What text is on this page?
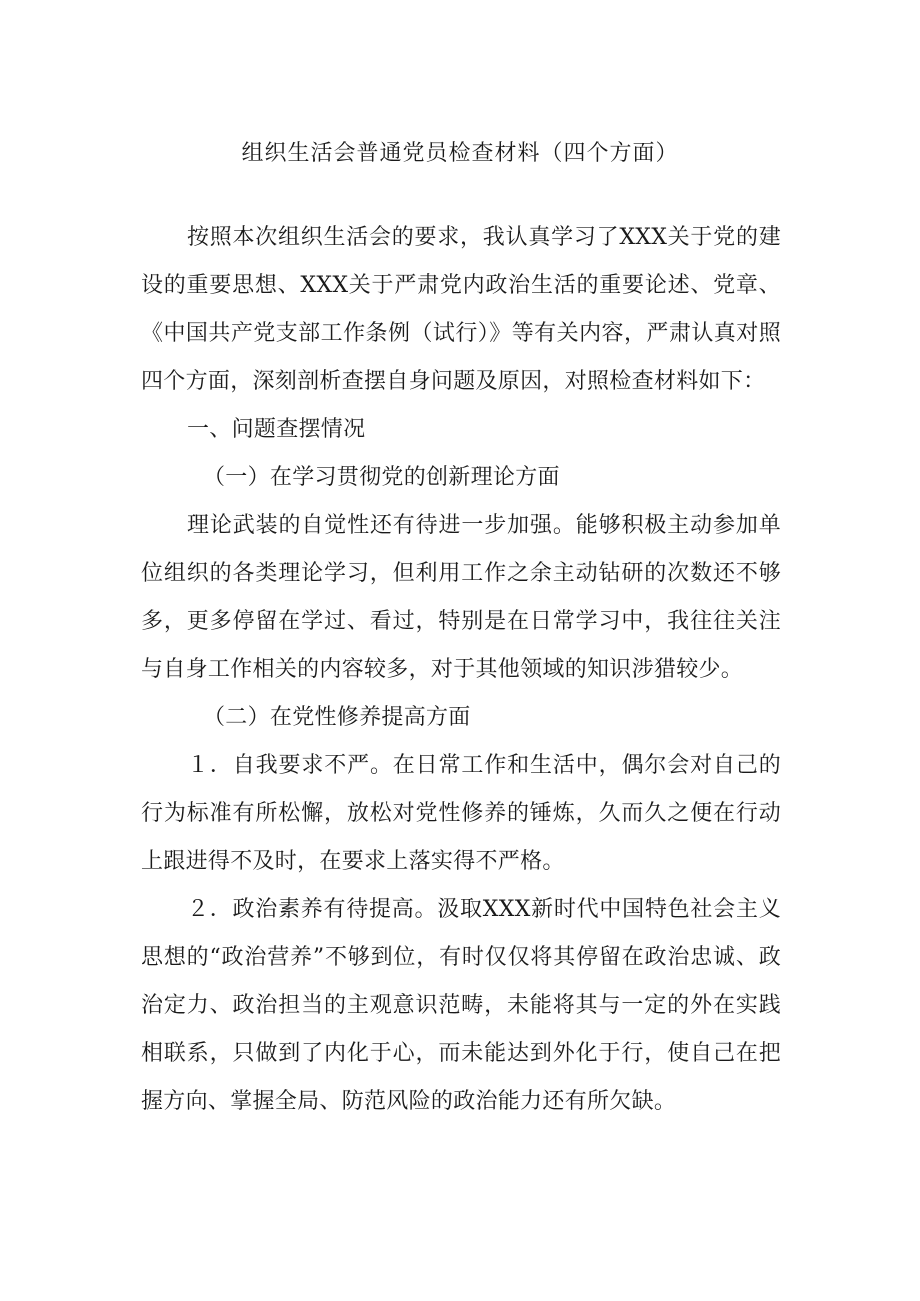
组织生活会普通党员检查材料（四个方面）

按照本次组织生活会的要求，我认真学习了XXX关于党的建设的重要思想、XXX关于严肃党内政治生活的重要论述、党章、《中国共产党支部工作条例（试行）》等有关内容，严肃认真对照四个方面，深刻剖析查摆自身问题及原因，对照检查材料如下：

一、问题查摆情况

（一）在学习贯彻党的创新理论方面

理论武装的自觉性还有待进一步加强。能够积极主动参加单位组织的各类理论学习，但利用工作之余主动钻研的次数还不够多，更多停留在学过、看过，特别是在日常学习中，我往往关注与自身工作相关的内容较多，对于其他领域的知识涉猎较少。

（二）在党性修养提高方面

１．自我要求不严。在日常工作和生活中，偶尔会对自己的行为标准有所松懈，放松对党性修养的锤炼，久而久之便在行动上跟进得不及时，在要求上落实得不严格。

２．政治素养有待提高。汲取XXX新时代中国特色社会主义思想的“政治营养”不够到位，有时仅仅将其停留在政治忠诚、政治定力、政治担当的主观意识范畴，未能将其与一定的外在实践相联系，只做到了内化于心，而未能达到外化于行，使自己在把握方向、掌握全局、防范风险的政治能力还有所欠缺。
